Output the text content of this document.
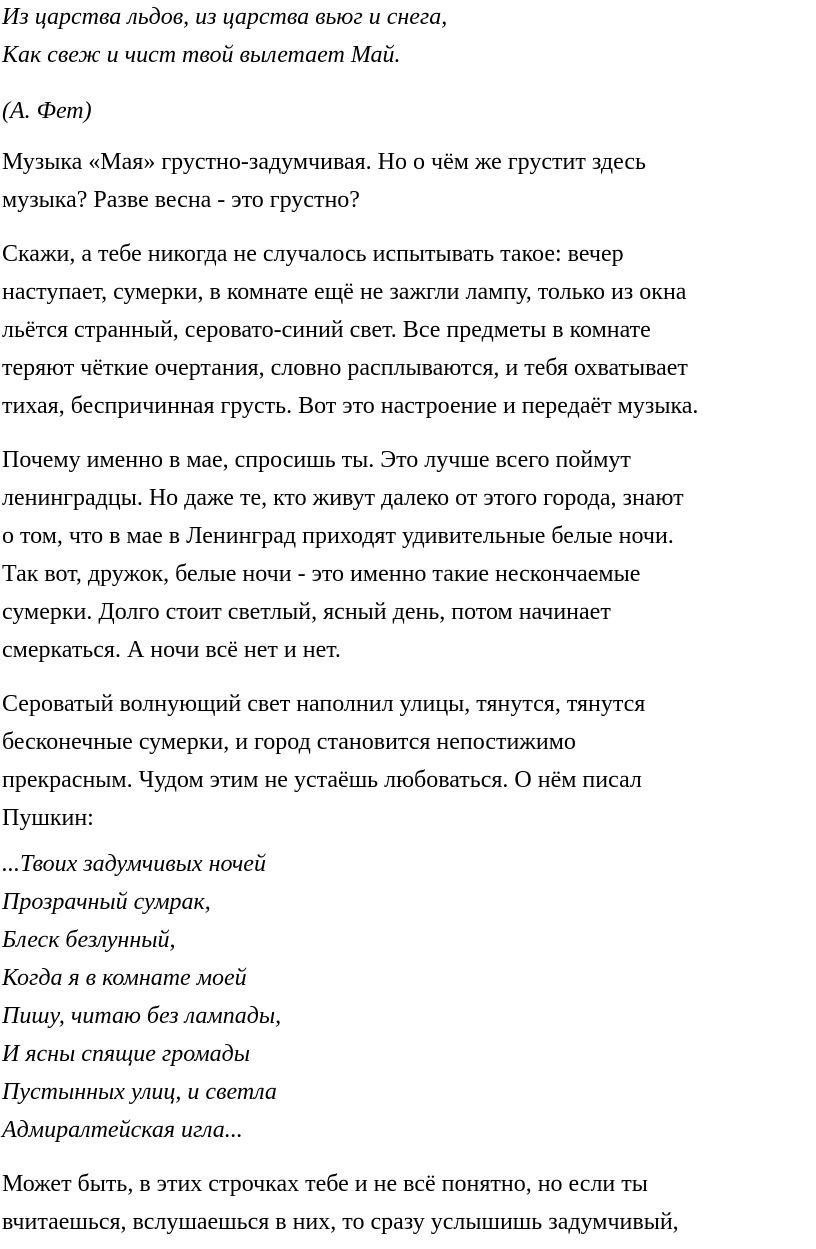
Из царства льдов, из царства вьюг и снега,
Как свеж и чист твой вылетает Май.
(А. Фет)
Музыка «Мая» грустно-задумчивая. Но о чём же грустит здесь
музыка? Разве весна - это грустно?
Скажи, а тебе никогда не случалось испытывать такое: вечер
наступает, сумерки, в комнате ещё не зажгли лампу, только из окна
льётся странный, серовато-синий свет. Все предметы в комнате
теряют чёткие очертания, словно расплываются, и тебя охватывает
тихая, беспричинная грусть. Вот это настроение и передаёт музыка.
Почему именно в мае, спросишь ты. Это лучше всего поймут
ленинградцы. Но даже те, кто живут далеко от этого города, знают
о том, что в мае в Ленинград приходят удивительные белые ночи.
Так вот, дружок, белые ночи - это именно такие нескончаемые
сумерки. Долго стоит светлый, ясный день, потом начинает
смеркаться. А ночи всё нет и нет.
Сероватый волнующий свет наполнил улицы, тянутся, тянутся
бесконечные сумерки, и город становится непостижимо
прекрасным. Чудом этим не устаёшь любоваться. О нём писал
Пушкин:
...Твоих задумчивых ночей
Прозрачный сумрак,
Блеск безлунный,
Когда я в комнате моей
Пишу, читаю без лампады,
И ясны спящие громады
Пустынных улиц, и светла
Адмиралтейская игла...
Может быть, в этих строчках тебе и не всё понятно, но если ты
вчитаешься, вслушаешься в них, то сразу услышишь задумчивый,
